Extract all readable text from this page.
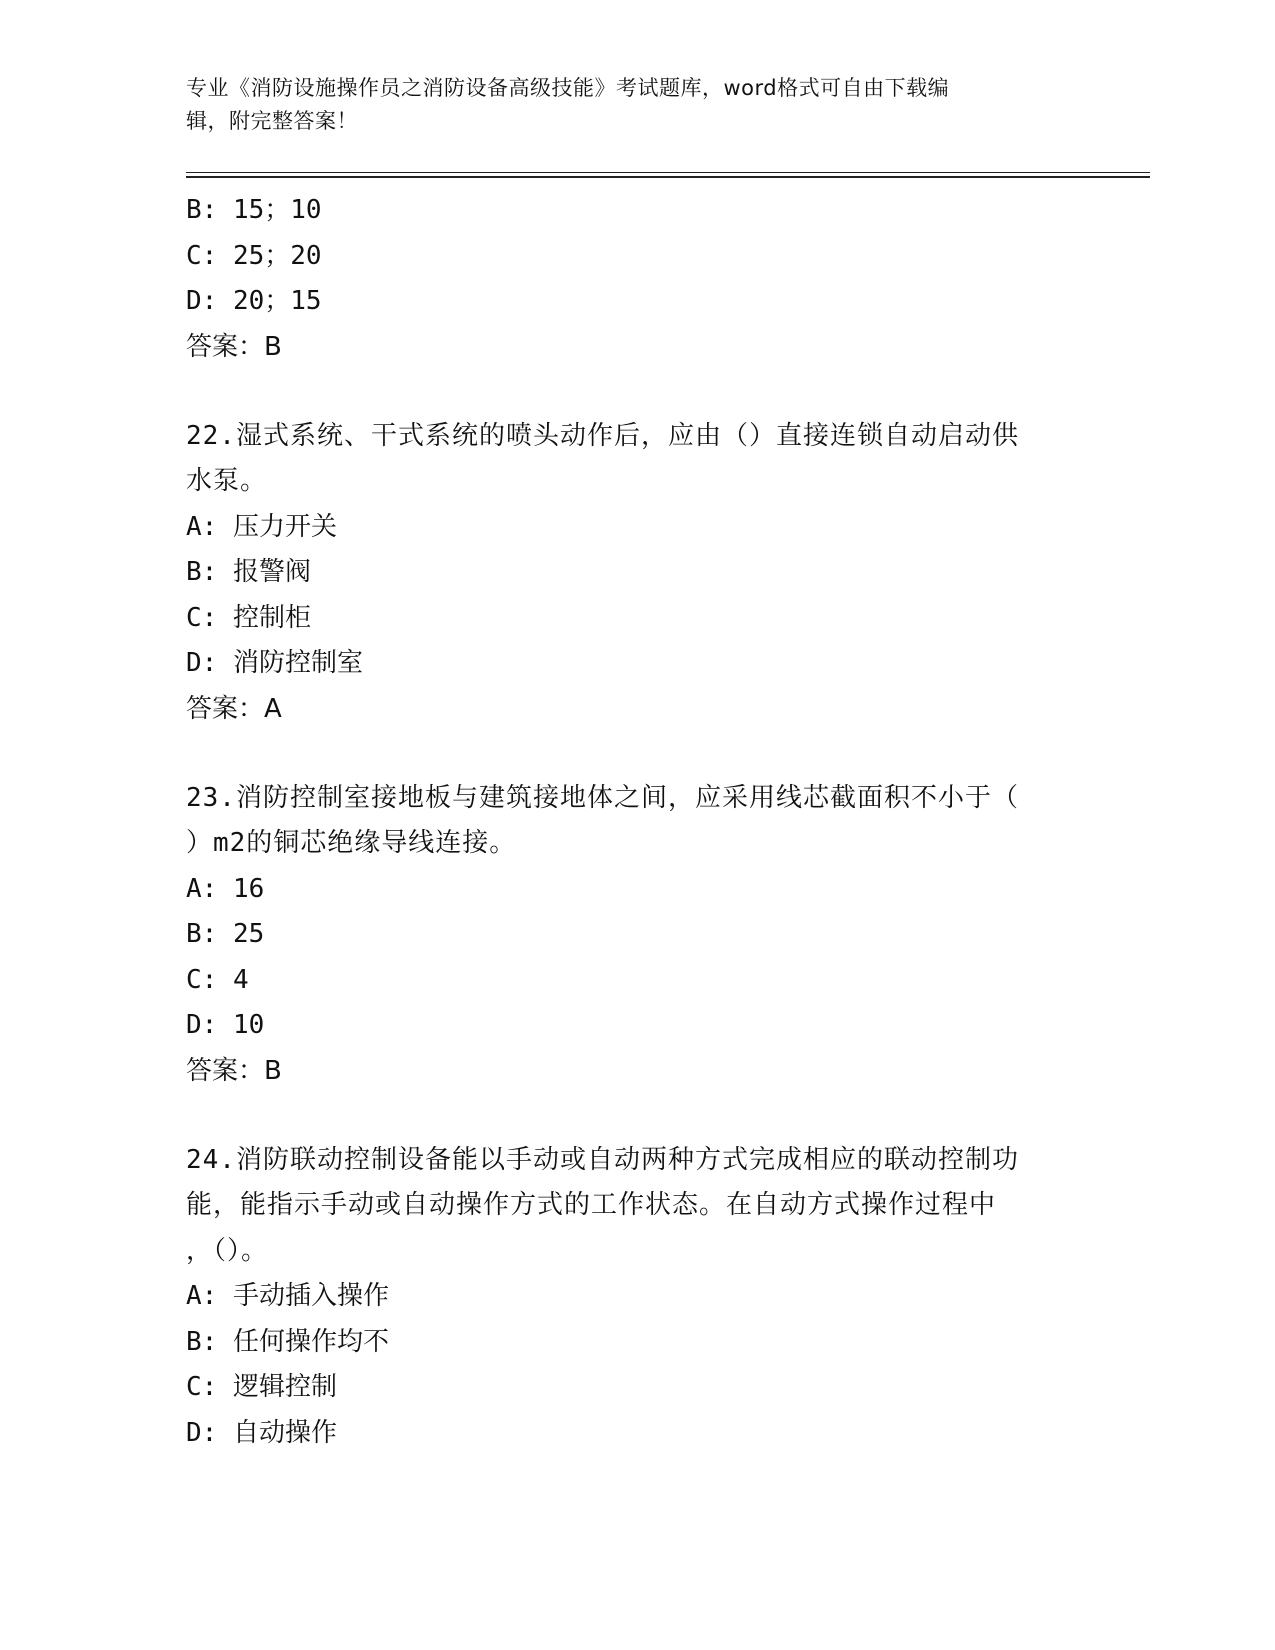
专业《消防设施操作员之消防设备高级技能》考试题库，word格式可自由下载编
辑，附完整答案！
B: 15；10
C: 25；20
D: 20；15
答案：B
22.湿式系统、干式系统的喷头动作后，应由（）直接连锁自动启动供
水泵。
A: 压力开关
B: 报警阀
C: 控制柜
D: 消防控制室
答案：A
23.消防控制室接地板与建筑接地体之间，应采用线芯截面积不小于（
）m2的铜芯绝缘导线连接。
A: 16
B: 25
C: 4
D: 10
答案：B
24.消防联动控制设备能以手动或自动两种方式完成相应的联动控制功
能，能指示手动或自动操作方式的工作状态。在自动方式操作过程中
，（）。
A: 手动插入操作
B: 任何操作均不
C: 逻辑控制
D: 自动操作
